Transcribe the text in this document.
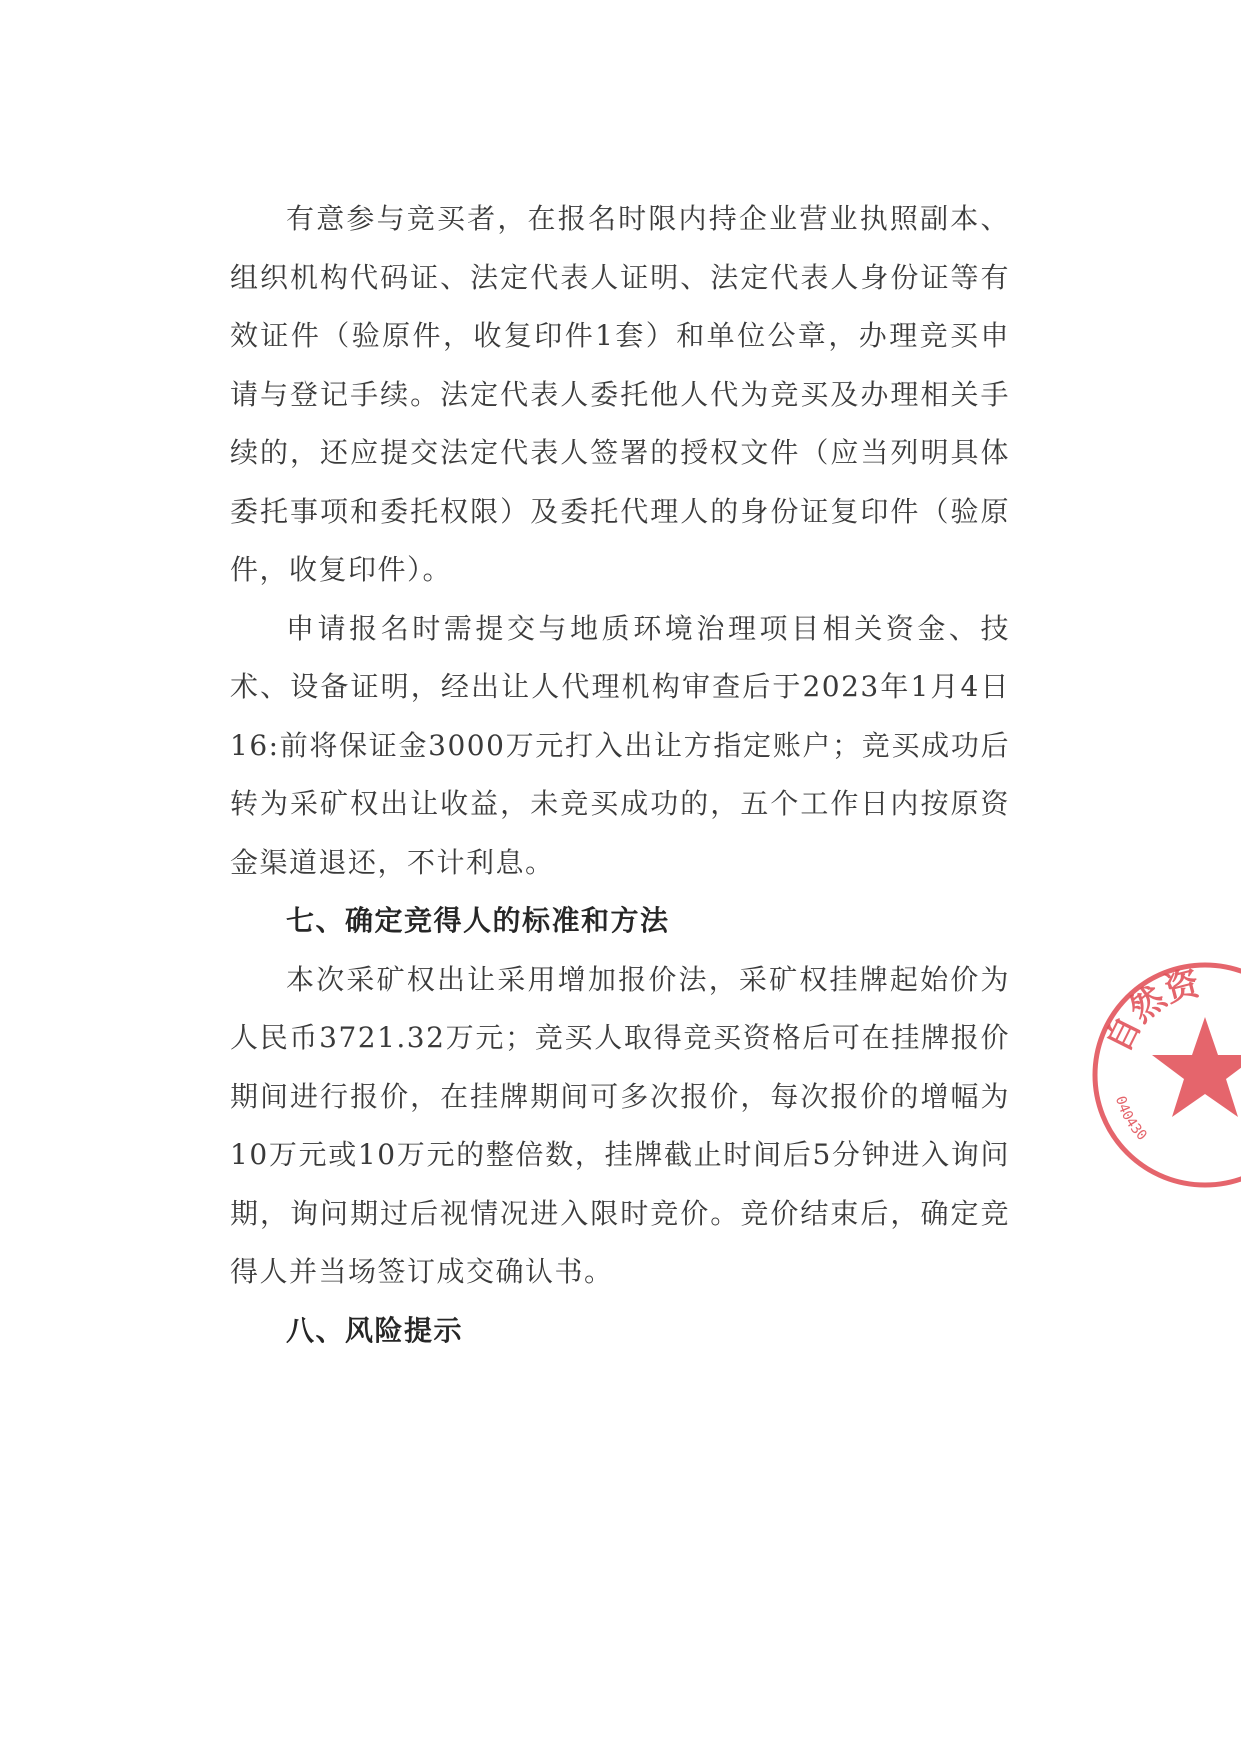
有意参与竞买者，在报名时限内持企业营业执照副本、组织机构代码证、法定代表人证明、法定代表人身份证等有效证件（验原件，收复印件1套）和单位公章，办理竞买申请与登记手续。法定代表人委托他人代为竞买及办理相关手续的，还应提交法定代表人签署的授权文件（应当列明具体委托事项和委托权限）及委托代理人的身份证复印件（验原件，收复印件）。

申请报名时需提交与地质环境治理项目相关资金、技术、设备证明，经出让人代理机构审查后于2023年1月4日16:前将保证金3000万元打入出让方指定账户；竞买成功后转为采矿权出让收益，未竞买成功的，五个工作日内按原资金渠道退还，不计利息。

七、确定竞得人的标准和方法

本次采矿权出让采用增加报价法，采矿权挂牌起始价为人民币3721.32万元；竞买人取得竞买资格后可在挂牌报价期间进行报价，在挂牌期间可多次报价，每次报价的增幅为10万元或10万元的整倍数，挂牌截止时间后5分钟进入询问期，询问期过后视情况进入限时竞价。竞价结束后，确定竞得人并当场签订成交确认书。

八、风险提示

自然资
040430
